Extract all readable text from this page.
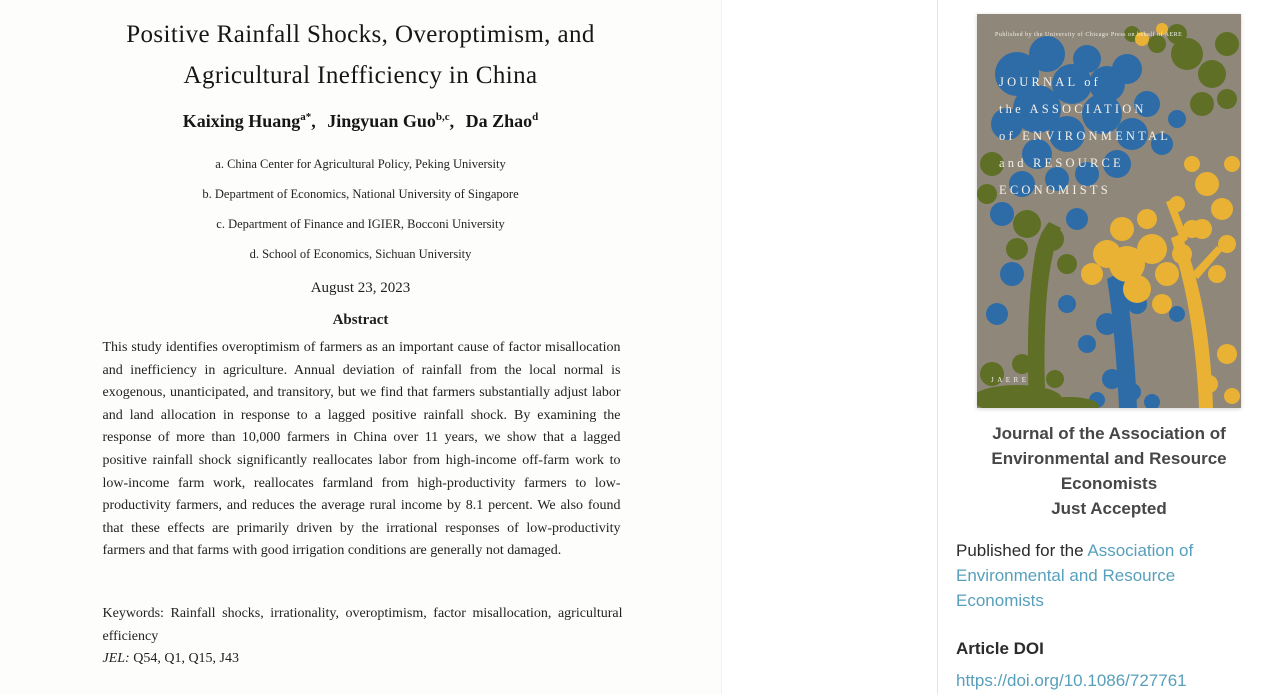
Positive Rainfall Shocks, Overoptimism, and
Agricultural Inefficiency in China
Kaixing Huang$^{a*}$, Jingyuan Guo$^{b,c}$, Da Zhao$^d$
a. China Center for Agricultural Policy, Peking University
b. Department of Economics, National University of Singapore
c. Department of Finance and IGIER, Bocconi University
d. School of Economics, Sichuan University
August 23, 2023
Abstract

This study identifies overoptimism of farmers as an important cause of factor misallocation and inefficiency in agriculture. Annual deviation of rainfall from the local normal is exogenous, unanticipated, and transitory, but we find that farmers substantially adjust labor and land allocation in response to a lagged positive rainfall shock. By examining the response of more than 10,000 farmers in China over 11 years, we show that a lagged positive rainfall shock significantly reallocates labor from high-income off-farm work to low-income farm work, reallocates farmland from high-productivity farmers to low-productivity farmers, and reduces the average rural income by 8.1 percent. We also found that these effects are primarily driven by the irrational responses of low-productivity farmers and that farms with good irrigation conditions are generally not damaged.

Keywords: Rainfall shocks, irrationality, overoptimism, factor misallocation, agricultural efficiency

JEL: Q54, Q1, Q15, J43

Published by the University of Chicago Press on behalf of AERE
JOURNAL of
the ASSOCIATION
of ENVIRONMENTAL
and RESOURCE
ECONOMISTS
JAERE
Journal of the Association of Environmental and Resource Economists
Just Accepted

Published for the Association of Environmental and Resource Economists

Article DOI
https://doi.org/10.1086/727761
